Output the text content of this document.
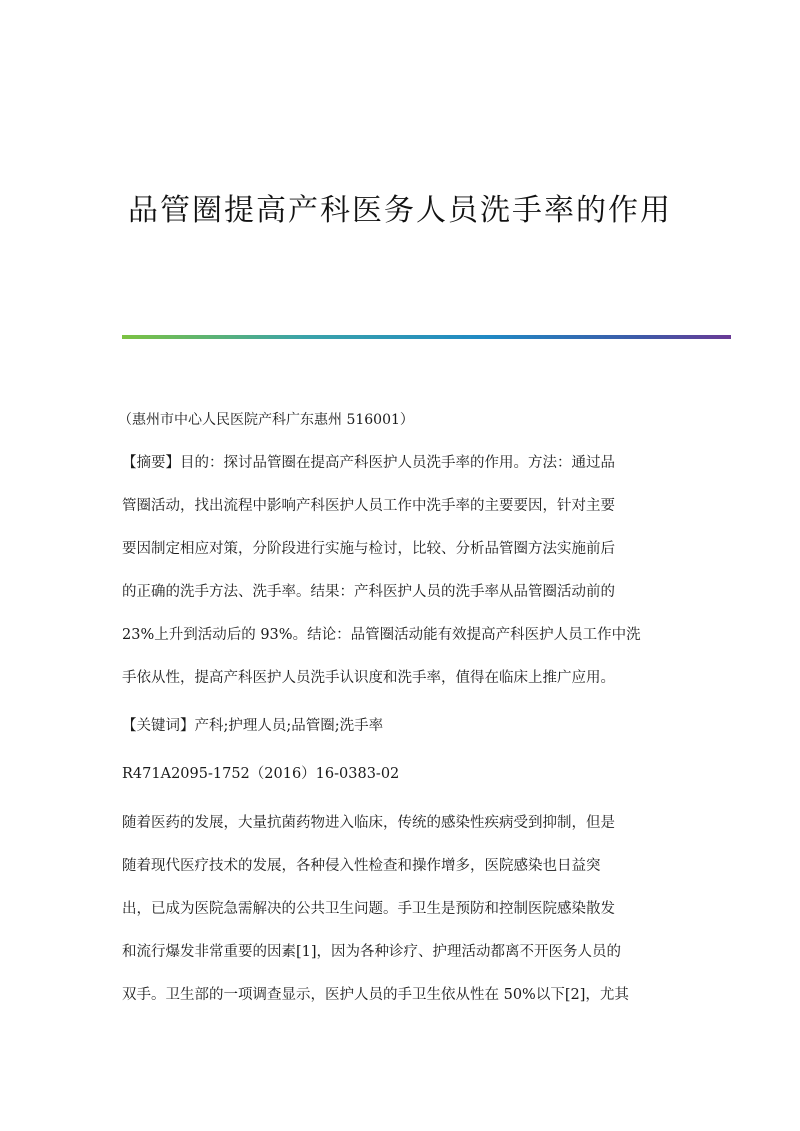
品管圈提高产科医务人员洗手率的作用
（惠州市中心人民医院产科广东惠州 516001）
【摘要】目的：探讨品管圈在提高产科医护人员洗手率的作用。方法：通过品
管圈活动，找出流程中影响产科医护人员工作中洗手率的主要要因，针对主要
要因制定相应对策，分阶段进行实施与检讨，比较、分析品管圈方法实施前后
的正确的洗手方法、洗手率。结果：产科医护人员的洗手率从品管圈活动前的
23%上升到活动后的 93%。结论：品管圈活动能有效提高产科医护人员工作中洗
手依从性，提高产科医护人员洗手认识度和洗手率，值得在临床上推广应用。
【关键词】产科;护理人员;品管圈;洗手率
R471A2095-1752（2016）16-0383-02
随着医药的发展，大量抗菌药物进入临床，传统的感染性疾病受到抑制，但是
随着现代医疗技术的发展，各种侵入性检查和操作增多，医院感染也日益突
出，已成为医院急需解决的公共卫生问题。手卫生是预防和控制医院感染散发
和流行爆发非常重要的因素[1]，因为各种诊疗、护理活动都离不开医务人员的
双手。卫生部的一项调查显示，医护人员的手卫生依从性在 50%以下[2]，尤其
